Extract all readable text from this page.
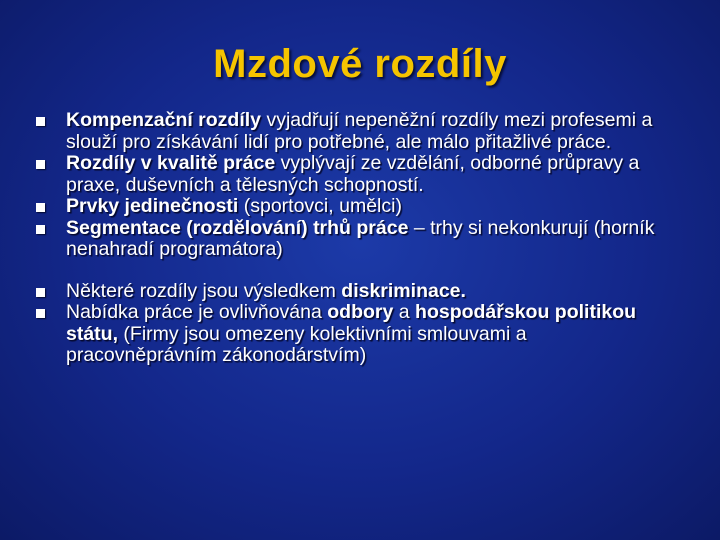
Mzdové rozdíly
Kompenzační rozdíly vyjadřují nepeněžní rozdíly mezi profesemi a slouží pro získávání lidí pro potřebné, ale málo přitažlivé práce.
Rozdíly v kvalitě práce vyplývají ze vzdělání, odborné průpravy a praxe, duševních a tělesných schopností.
Prvky jedinečnosti (sportovci, umělci)
Segmentace (rozdělování) trhů práce – trhy si nekonkurují (horník nenahradí programátora)
Některé rozdíly jsou výsledkem diskriminace.
Nabídka práce je ovlivňována odbory a hospodářskou politikou státu, (Firmy jsou omezeny kolektivními smlouvami a pracovněprávním zákonodárstvím)
